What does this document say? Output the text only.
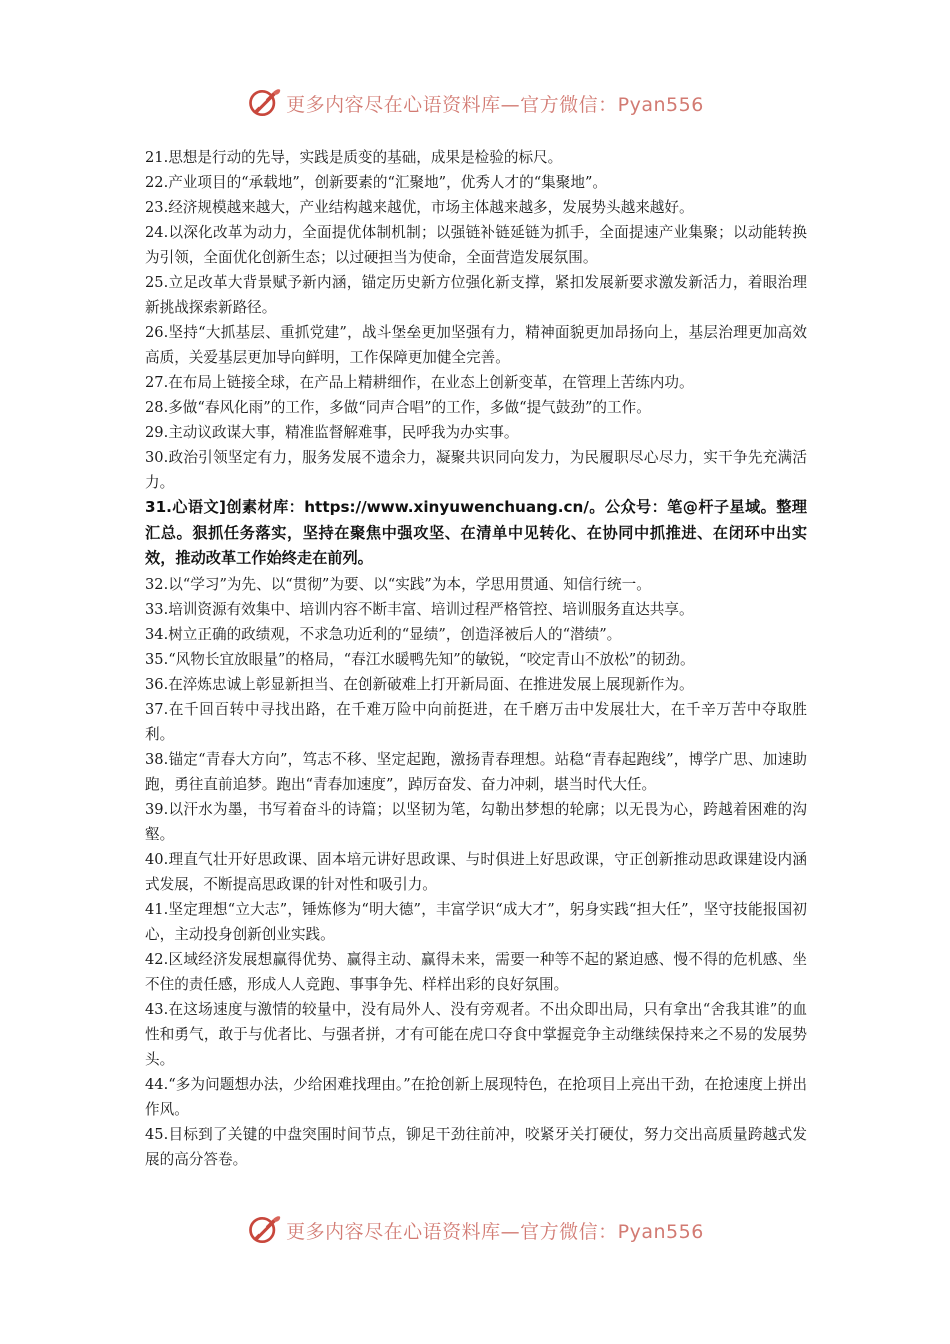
更多内容尽在心语资料库—官方微信：Pyan556

21.思想是行动的先导，实践是质变的基础，成果是检验的标尺。

22.产业项目的“承载地”，创新要素的“汇聚地”，优秀人才的“集聚地”。

23.经济规模越来越大，产业结构越来越优，市场主体越来越多，发展势头越来越好。

24.以深化改革为动力，全面提优体制机制；以强链补链延链为抓手，全面提速产业集聚；以动能转换为引领，全面优化创新生态；以过硬担当为使命，全面营造发展氛围。

25.立足改革大背景赋予新内涵，锚定历史新方位强化新支撑，紧扣发展新要求激发新活力，着眼治理新挑战探索新路径。

26.坚持“大抓基层、重抓党建”，战斗堡垒更加坚强有力，精神面貌更加昂扬向上，基层治理更加高效高质，关爱基层更加导向鲜明，工作保障更加健全完善。

27.在布局上链接全球，在产品上精耕细作，在业态上创新变革，在管理上苦练内功。

28.多做“春风化雨”的工作，多做“同声合唱”的工作，多做“提气鼓劲”的工作。

29.主动议政谋大事，精准监督解难事，民呼我为办实事。

30.政治引领坚定有力，服务发展不遗余力，凝聚共识同向发力，为民履职尽心尽力，实干争先充满活力。

31.心语文]创素材库：https://www.xinyuwenchuang.cn/。公众号：笔@杆子星域。整理汇总。狠抓任务落实，坚持在聚焦中强攻坚、在清单中见转化、在协同中抓推进、在闭环中出实效，推动改革工作始终走在前列。

32.以“学习”为先、以“贯彻”为要、以“实践”为本，学思用贯通、知信行统一。

33.培训资源有效集中、培训内容不断丰富、培训过程严格管控、培训服务直达共享。

34.树立正确的政绩观，不求急功近利的“显绩”，创造泽被后人的“潜绩”。

35.“风物长宜放眼量”的格局，“春江水暖鸭先知”的敏锐，“咬定青山不放松”的韧劲。

36.在淬炼忠诚上彰显新担当、在创新破难上打开新局面、在推进发展上展现新作为。

37.在千回百转中寻找出路，在千难万险中向前挺进，在千磨万击中发展壮大，在千辛万苦中夺取胜利。

38.锚定“青春大方向”，笃志不移、坚定起跑，激扬青春理想。站稳“青春起跑线”，博学广思、加速助跑，勇往直前追梦。跑出“青春加速度”，踔厉奋发、奋力冲刺，堪当时代大任。

39.以汗水为墨，书写着奋斗的诗篇；以坚韧为笔，勾勒出梦想的轮廓；以无畏为心，跨越着困难的沟壑。

40.理直气壮开好思政课、固本培元讲好思政课、与时俱进上好思政课，守正创新推动思政课建设内涵式发展，不断提高思政课的针对性和吸引力。

41.坚定理想“立大志”，锤炼修为“明大德”，丰富学识“成大才”，躬身实践“担大任”，坚守技能报国初心，主动投身创新创业实践。

42.区域经济发展想赢得优势、赢得主动、赢得未来，需要一种等不起的紧迫感、慢不得的危机感、坐不住的责任感，形成人人竞跑、事事争先、样样出彩的良好氛围。

43.在这场速度与激情的较量中，没有局外人、没有旁观者。不出众即出局，只有拿出“舍我其谁”的血性和勇气，敢于与优者比、与强者拼，才有可能在虎口夺食中掌握竞争主动继续保持来之不易的发展势头。

44.“多为问题想办法，少给困难找理由。”在抢创新上展现特色，在抢项目上亮出干劲，在抢速度上拼出作风。

45.目标到了关键的中盘突围时间节点，铆足干劲往前冲，咬紧牙关打硬仗，努力交出高质量跨越式发展的高分答卷。

更多内容尽在心语资料库—官方微信：Pyan556
